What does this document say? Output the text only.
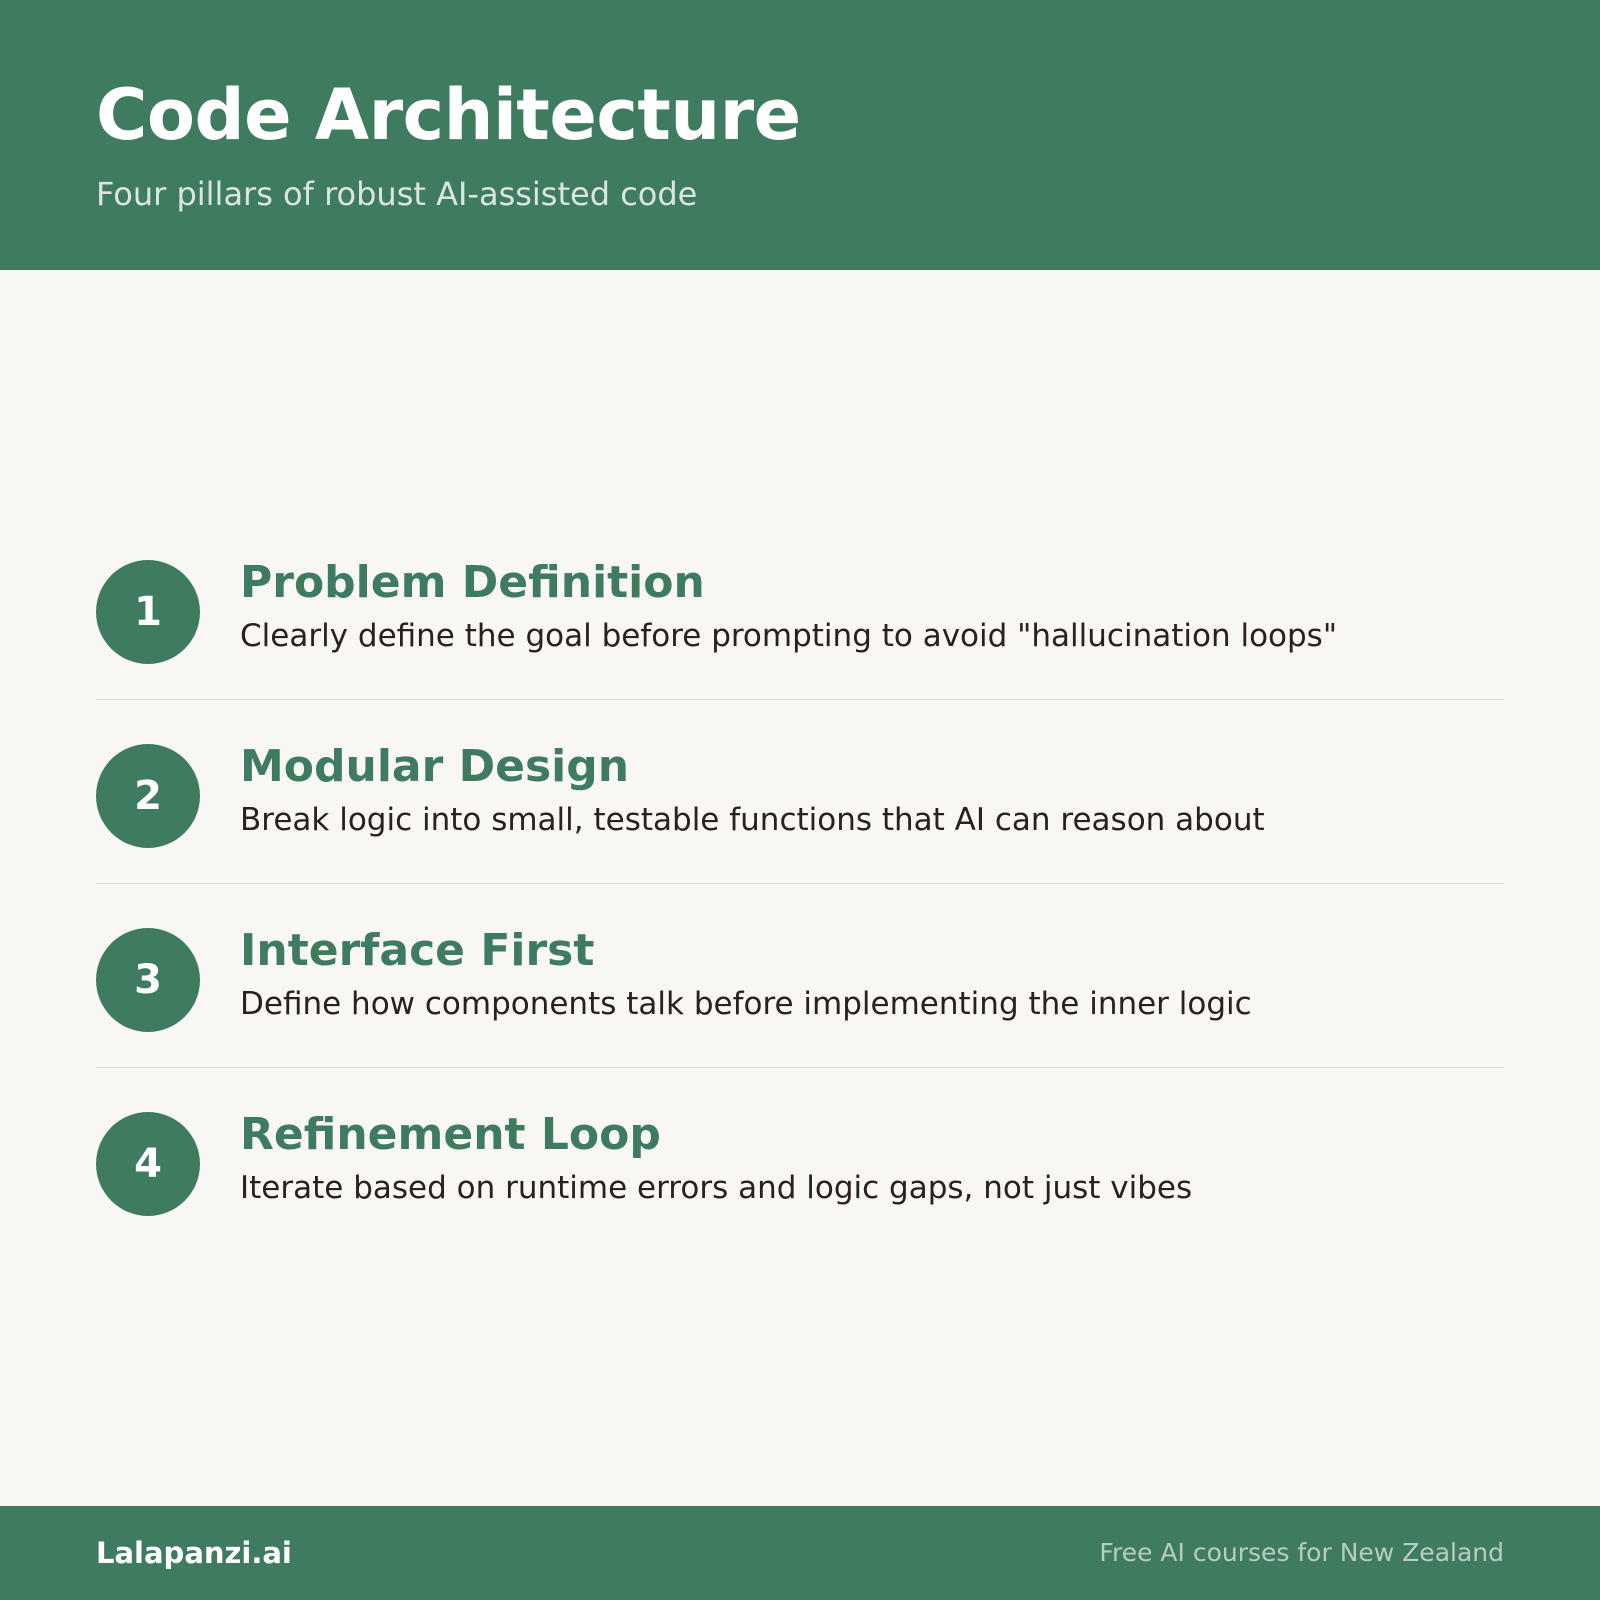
Code Architecture
Four pillars of robust AI-assisted code
1
Problem Definition
Clearly define the goal before prompting to avoid "hallucination loops"
2
Modular Design
Break logic into small, testable functions that AI can reason about
3
Interface First
Define how components talk before implementing the inner logic
4
Refinement Loop
Iterate based on runtime errors and logic gaps, not just vibes
Lalapanzi.ai	Free AI courses for New Zealand
